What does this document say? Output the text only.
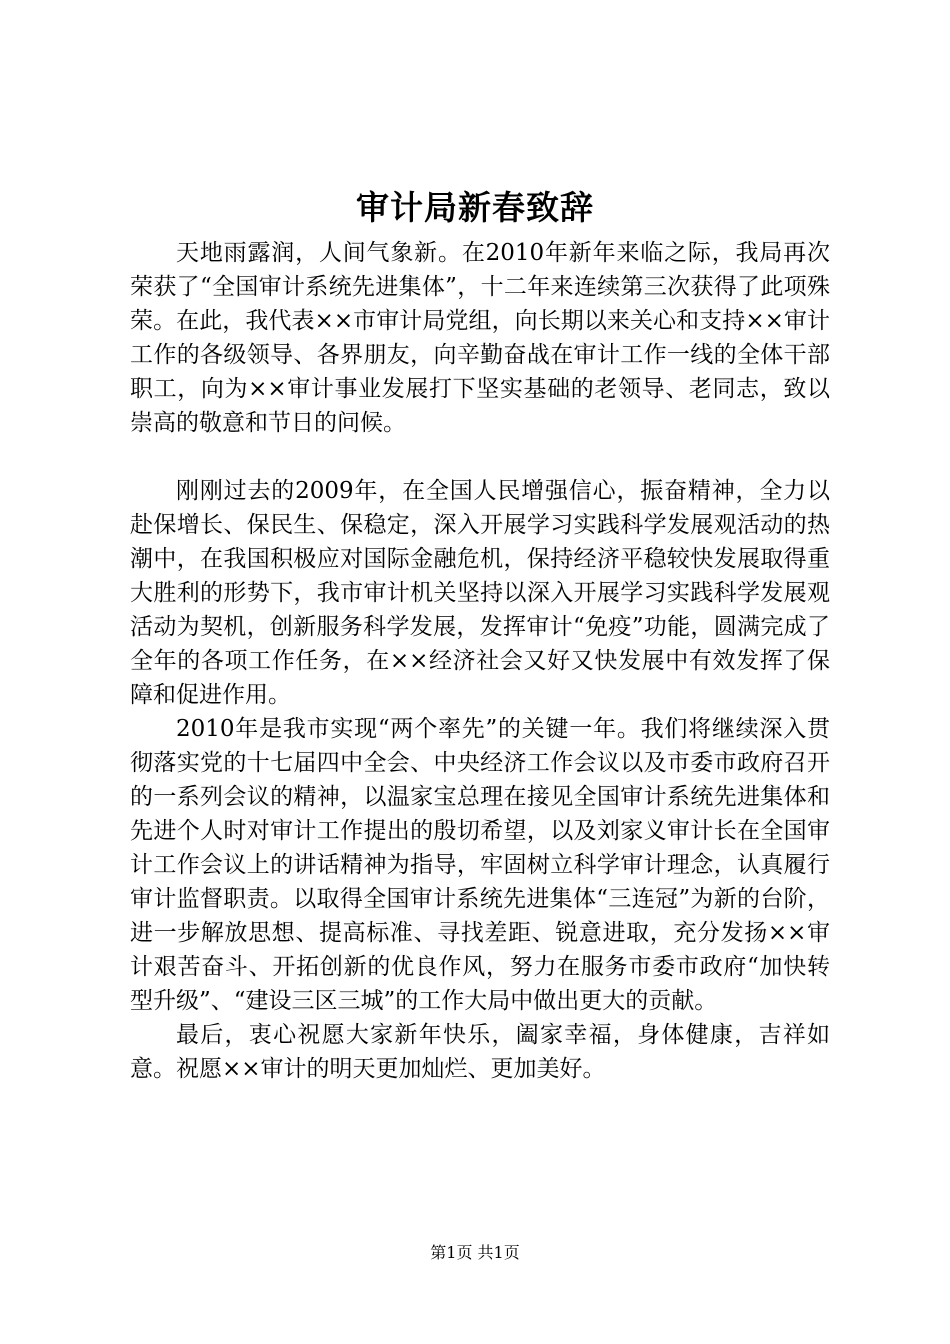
审计局新春致辞

天地雨露润，人间气象新。在2010年新年来临之际，我局再次荣获了“全国审计系统先进集体”，十二年来连续第三次获得了此项殊荣。在此，我代表××市审计局党组，向长期以来关心和支持××审计工作的各级领导、各界朋友，向辛勤奋战在审计工作一线的全体干部职工，向为××审计事业发展打下坚实基础的老领导、老同志，致以崇高的敬意和节日的问候。

刚刚过去的2009年，在全国人民增强信心，振奋精神，全力以赴保增长、保民生、保稳定，深入开展学习实践科学发展观活动的热潮中，在我国积极应对国际金融危机，保持经济平稳较快发展取得重大胜利的形势下，我市审计机关坚持以深入开展学习实践科学发展观活动为契机，创新服务科学发展，发挥审计“免疫”功能，圆满完成了全年的各项工作任务，在××经济社会又好又快发展中有效发挥了保障和促进作用。

2010年是我市实现“两个率先”的关键一年。我们将继续深入贯彻落实党的十七届四中全会、中央经济工作会议以及市委市政府召开的一系列会议的精神，以温家宝总理在接见全国审计系统先进集体和先进个人时对审计工作提出的殷切希望，以及刘家义审计长在全国审计工作会议上的讲话精神为指导，牢固树立科学审计理念，认真履行审计监督职责。以取得全国审计系统先进集体“三连冠”为新的台阶，进一步解放思想、提高标准、寻找差距、锐意进取，充分发扬××审计艰苦奋斗、开拓创新的优良作风，努力在服务市委市政府“加快转型升级”、“建设三区三城”的工作大局中做出更大的贡献。

最后，衷心祝愿大家新年快乐，阖家幸福，身体健康，吉祥如意。祝愿××审计的明天更加灿烂、更加美好。

第1页 共1页
